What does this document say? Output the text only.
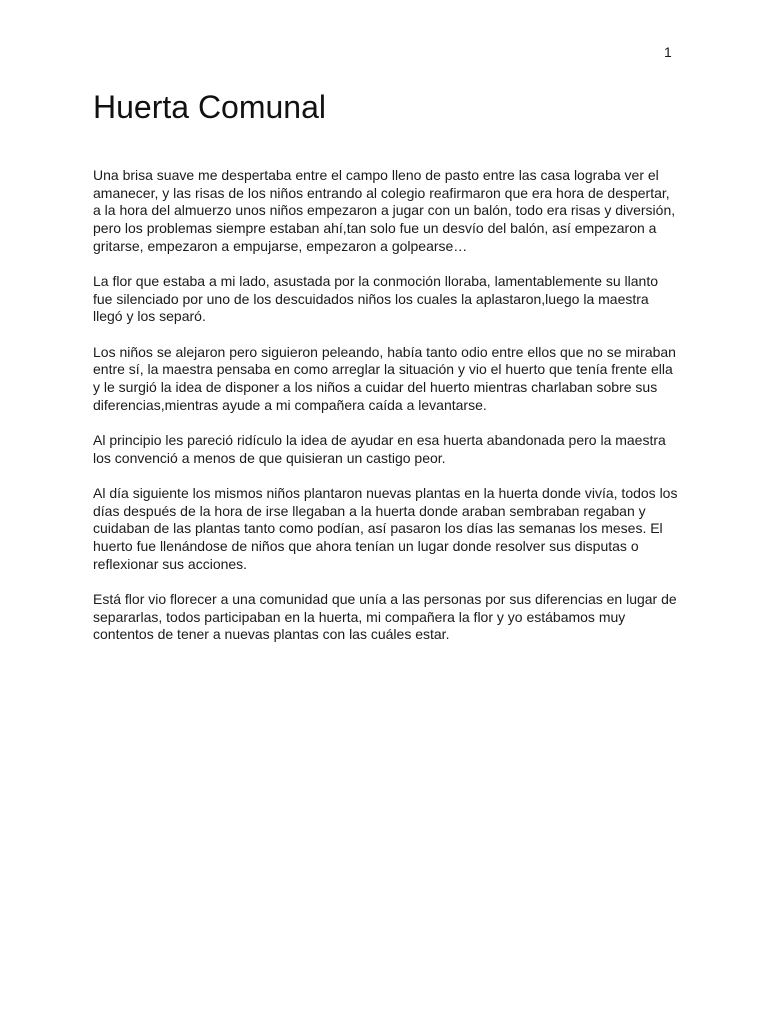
1
Huerta Comunal

Una brisa suave me despertaba entre el campo lleno de pasto entre las casa lograba ver el amanecer, y las risas de los niños entrando al colegio reafirmaron que era hora de despertar, a la hora del almuerzo unos niños empezaron a jugar con un balón, todo era risas y diversión, pero los problemas siempre estaban ahí,tan solo fue un desvío del balón, así empezaron a gritarse, empezaron a empujarse, empezaron a golpearse…

La flor que estaba a mi lado, asustada por la conmoción lloraba, lamentablemente su llanto fue silenciado por uno de los descuidados niños los cuales la aplastaron,luego la maestra llegó y los separó.

Los niños se alejaron pero siguieron peleando, había tanto odio entre ellos que no se miraban entre sí, la maestra pensaba en como arreglar la situación y vio el huerto que tenía frente ella y le surgió la idea de disponer a los niños a cuidar del huerto mientras charlaban sobre sus diferencias,mientras ayude a mi compañera caída a levantarse.

Al principio les pareció ridículo la idea de ayudar en esa huerta abandonada pero la maestra los convenció a menos de que quisieran un castigo peor.

Al día siguiente los mismos niños plantaron nuevas plantas en la huerta donde vivía, todos los días después de la hora de irse llegaban a la huerta donde araban sembraban regaban y cuidaban de las plantas tanto como podían, así pasaron los días las semanas los meses. El huerto fue llenándose de niños que ahora tenían un lugar donde resolver sus disputas o reflexionar sus acciones.

Está flor vio florecer a una comunidad que unía a las personas por sus diferencias en lugar de separarlas, todos participaban en la huerta, mi compañera la flor y yo estábamos muy contentos de tener a nuevas plantas con las cuáles estar.
